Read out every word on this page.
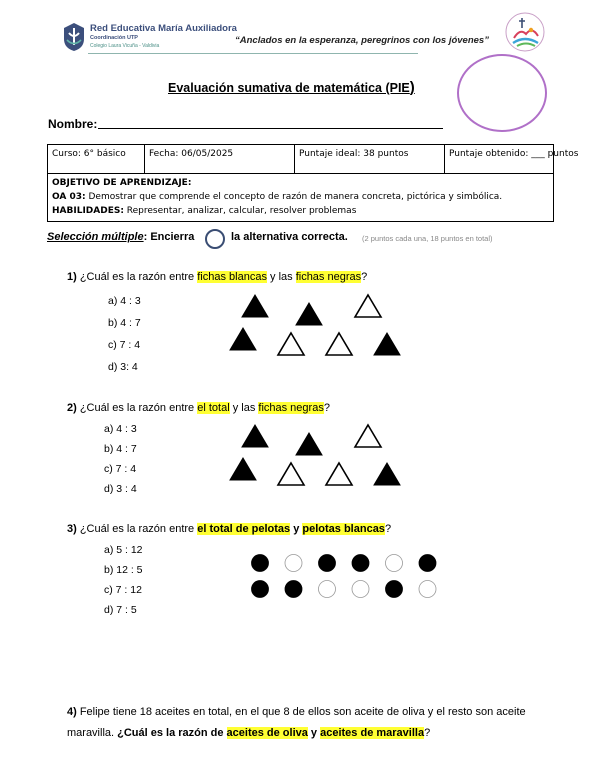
Red Educativa María Auxiliadora
Coordinación UTP
Colegio Laura Vicuña - Valdivia	“Anclados en la esperanza, peregrinos con los jóvenes”
Evaluación sumativa de matemática (PIE)
Nombre:
Curso: 6° básico	Fecha: 06/05/2025	Puntaje ideal: 38 puntos	Puntaje obtenido: ___ puntos
OBJETIVO DE APRENDIZAJE:
OA 03: Demostrar que comprende el concepto de razón de manera concreta, pictórica y simbólica.
HABILIDADES: Representar, analizar, calcular, resolver problemas
Selección múltiple: Encierra	la alternativa correcta. (2 puntos cada una, 18 puntos en total)
1) ¿Cuál es la razón entre fichas blancas y las fichas negras?
a) 4 : 3
b) 4 : 7
c) 7 : 4
d) 3: 4
2) ¿Cuál es la razón entre el total y las fichas negras?
a) 4 : 3
b) 4 : 7
c) 7 : 4
d) 3 : 4
3) ¿Cuál es la razón entre el total de pelotas y pelotas blancas?
a) 5 : 12
b) 12 : 5
c) 7 : 12
d) 7 : 5
4) Felipe tiene 18 aceites en total, en el que 8 de ellos son aceite de oliva y el resto son aceite
maravilla. ¿Cuál es la razón de aceites de oliva y aceites de maravilla?
